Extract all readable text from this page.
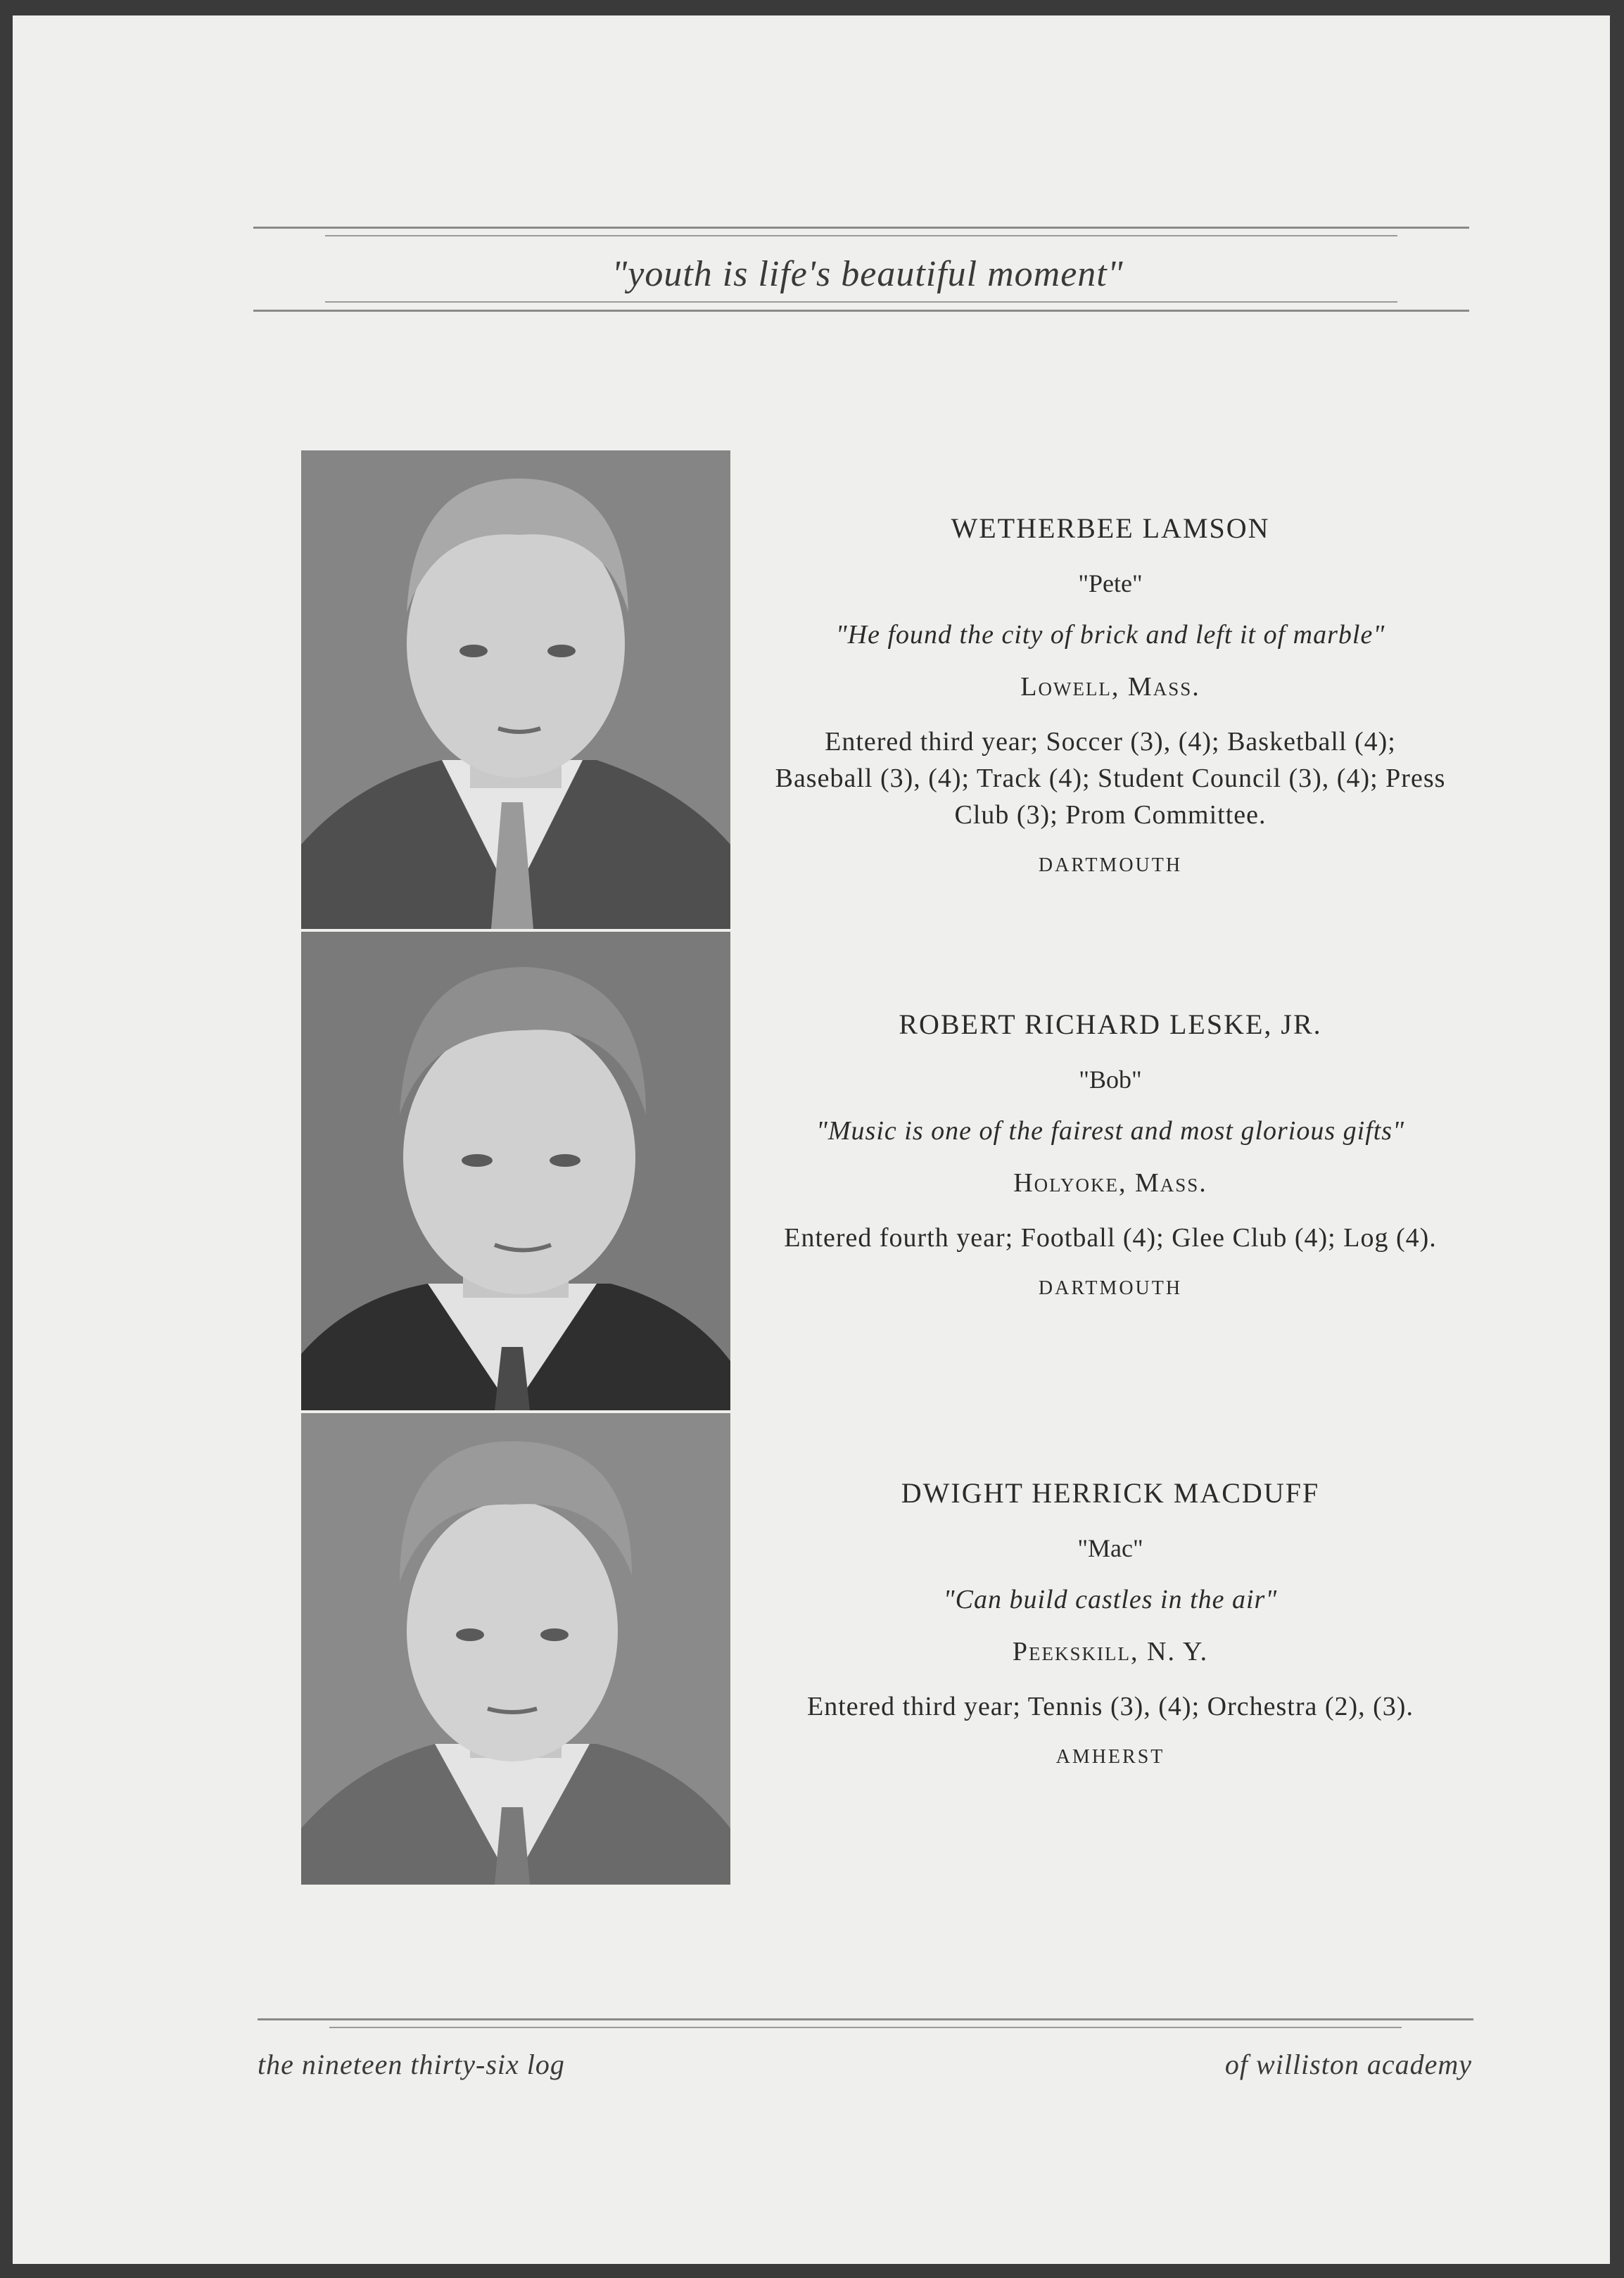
"youth is life's beautiful moment"
WETHERBEE LAMSON
"Pete"
"He found the city of brick and left it of marble"
Lowell, Mass.
Entered third year; Soccer (3), (4); Basketball (4); Baseball (3), (4); Track (4); Student Council (3), (4); Press Club (3); Prom Committee.
DARTMOUTH
ROBERT RICHARD LESKE, JR.
"Bob"
"Music is one of the fairest and most glorious gifts"
Holyoke, Mass.
Entered fourth year; Football (4); Glee Club (4); Log (4).
DARTMOUTH
DWIGHT HERRICK MACDUFF
"Mac"
"Can build castles in the air"
Peekskill, N. Y.
Entered third year; Tennis (3), (4); Orchestra (2), (3).
AMHERST
the nineteen thirty-six log	of williston academy
